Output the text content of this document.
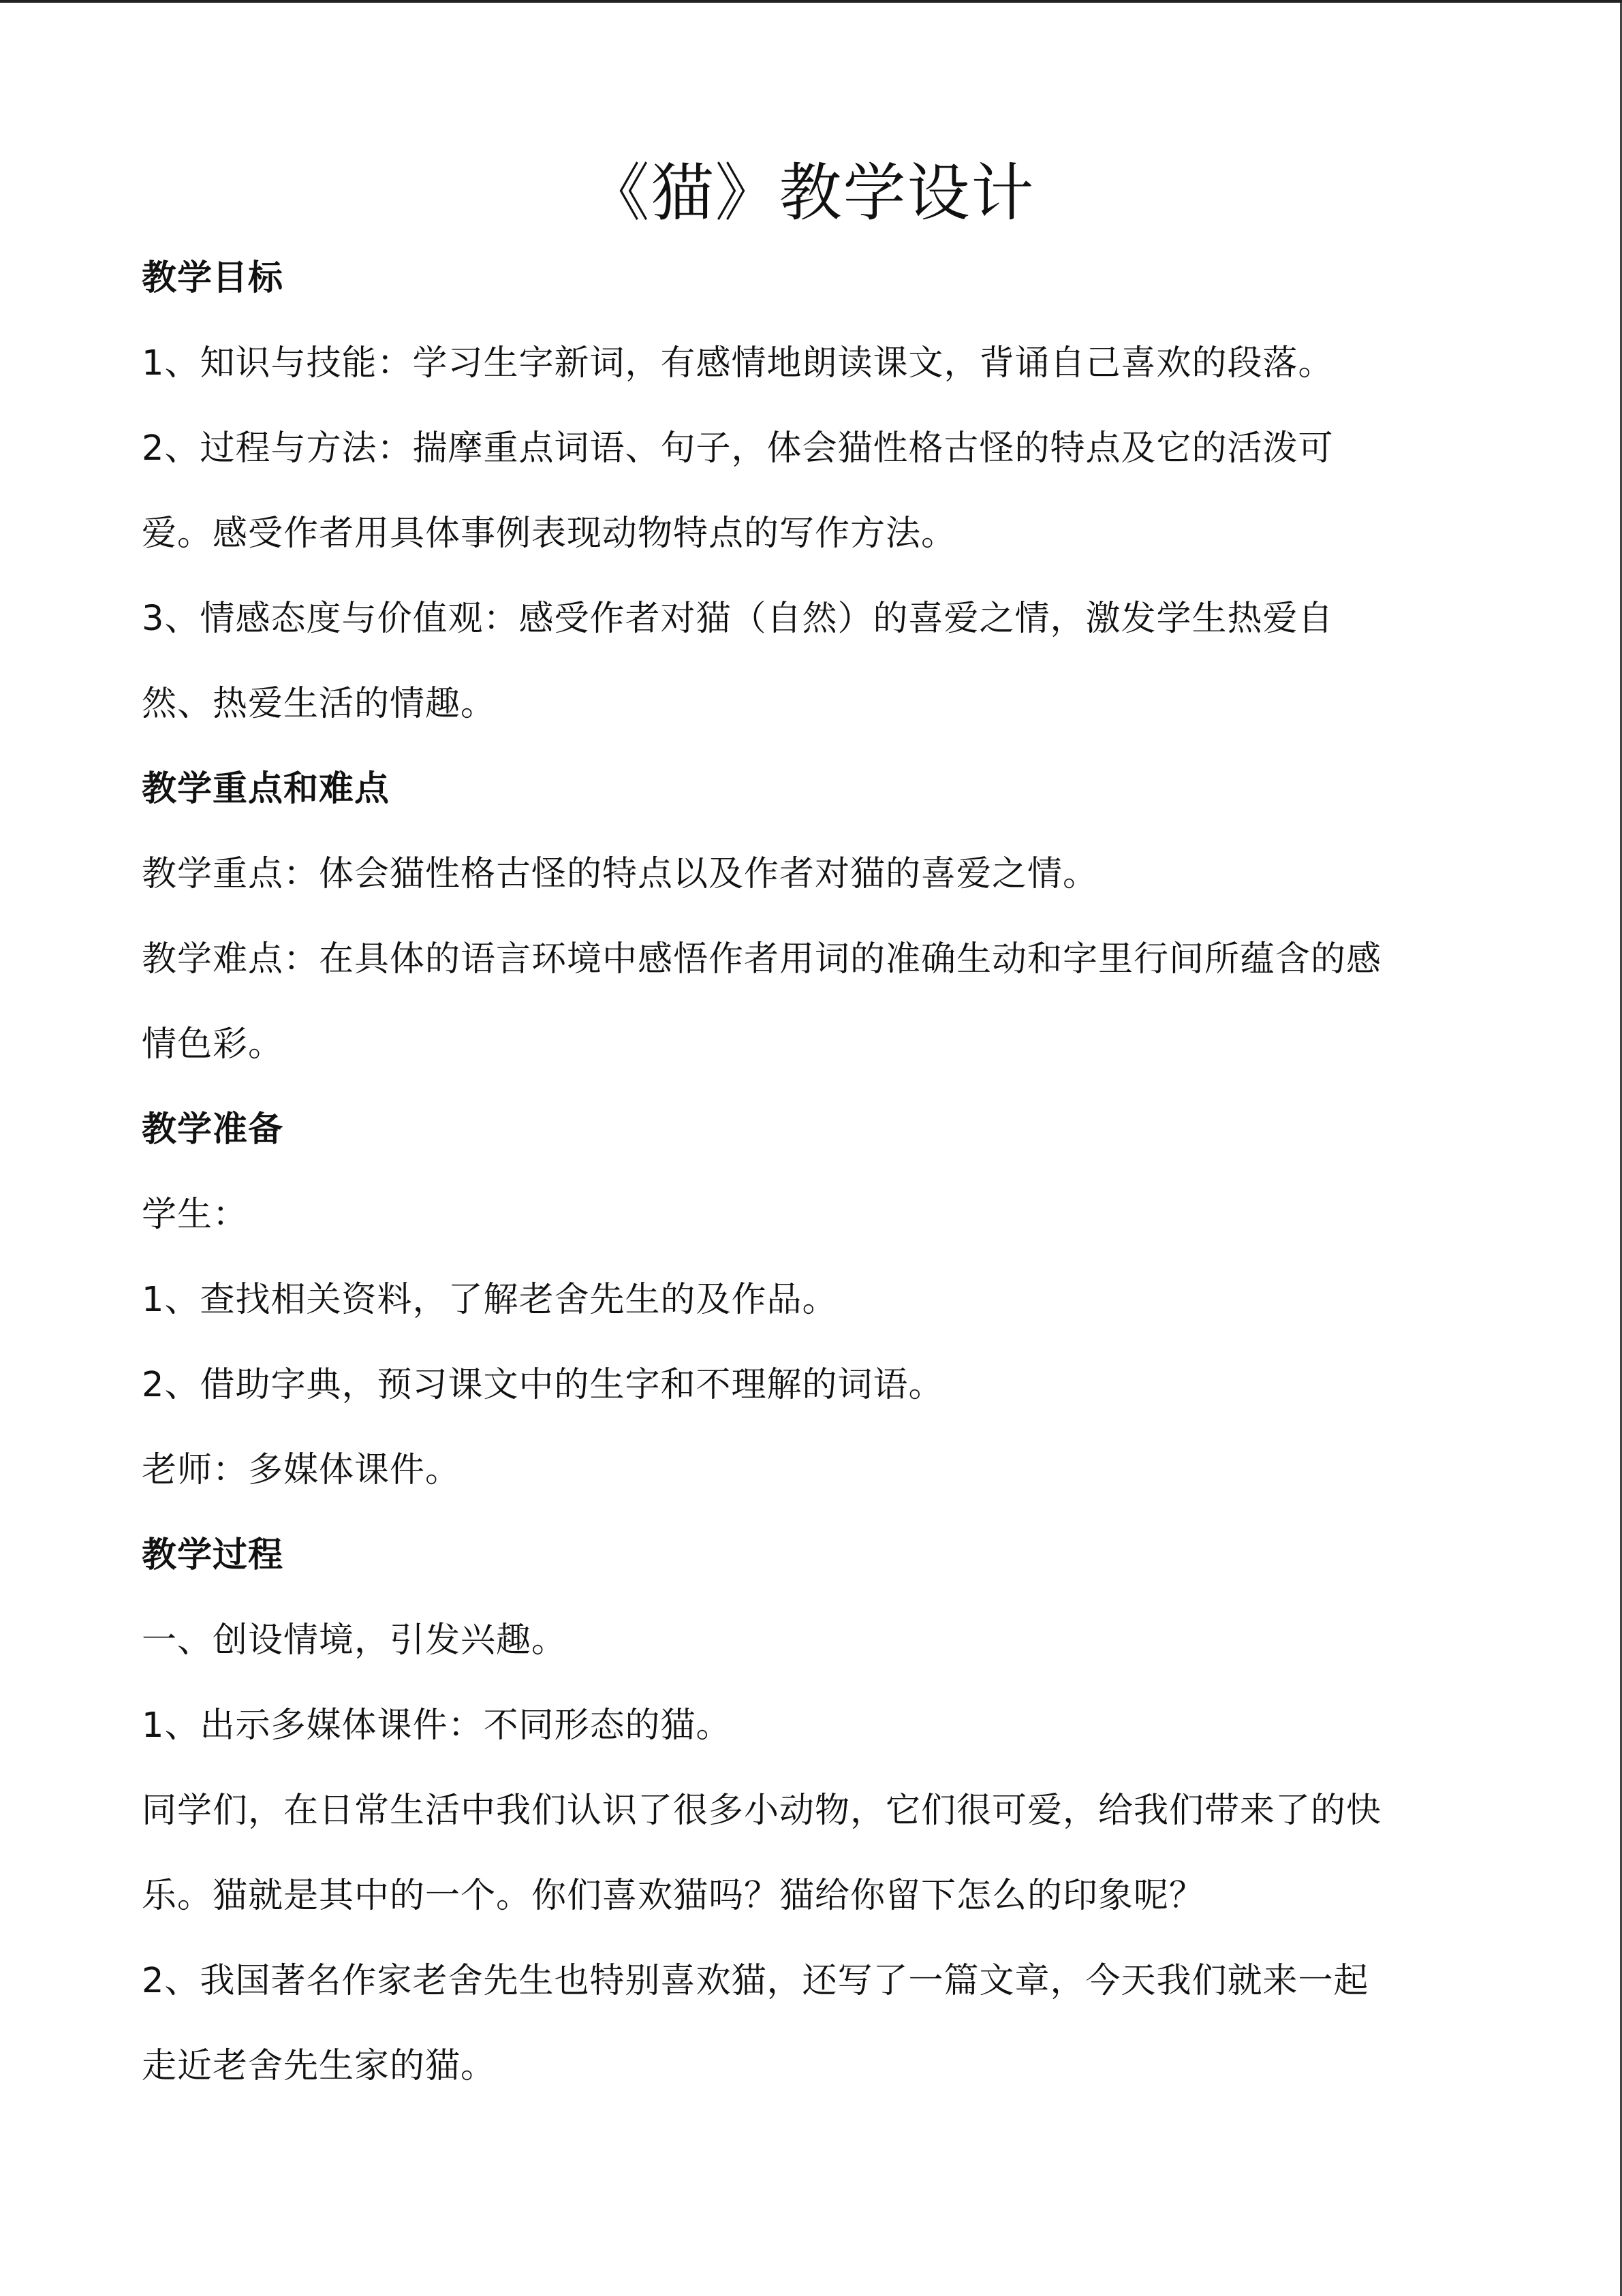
《猫》教学设计

教学目标

1、知识与技能：学习生字新词，有感情地朗读课文，背诵自己喜欢的段落。

2、过程与方法：揣摩重点词语、句子，体会猫性格古怪的特点及它的活泼可

爱。感受作者用具体事例表现动物特点的写作方法。

3、情感态度与价值观：感受作者对猫（自然）的喜爱之情，激发学生热爱自

然、热爱生活的情趣。

教学重点和难点

教学重点：体会猫性格古怪的特点以及作者对猫的喜爱之情。

教学难点：在具体的语言环境中感悟作者用词的准确生动和字里行间所蕴含的感

情色彩。

教学准备

学生：

1、查找相关资料，了解老舍先生的及作品。

2、借助字典，预习课文中的生字和不理解的词语。

老师：多媒体课件。

教学过程

一、创设情境，引发兴趣。

1、出示多媒体课件：不同形态的猫。

同学们，在日常生活中我们认识了很多小动物，它们很可爱，给我们带来了的快

乐。猫就是其中的一个。你们喜欢猫吗？猫给你留下怎么的印象呢？

2、我国著名作家老舍先生也特别喜欢猫，还写了一篇文章，今天我们就来一起

走近老舍先生家的猫。
